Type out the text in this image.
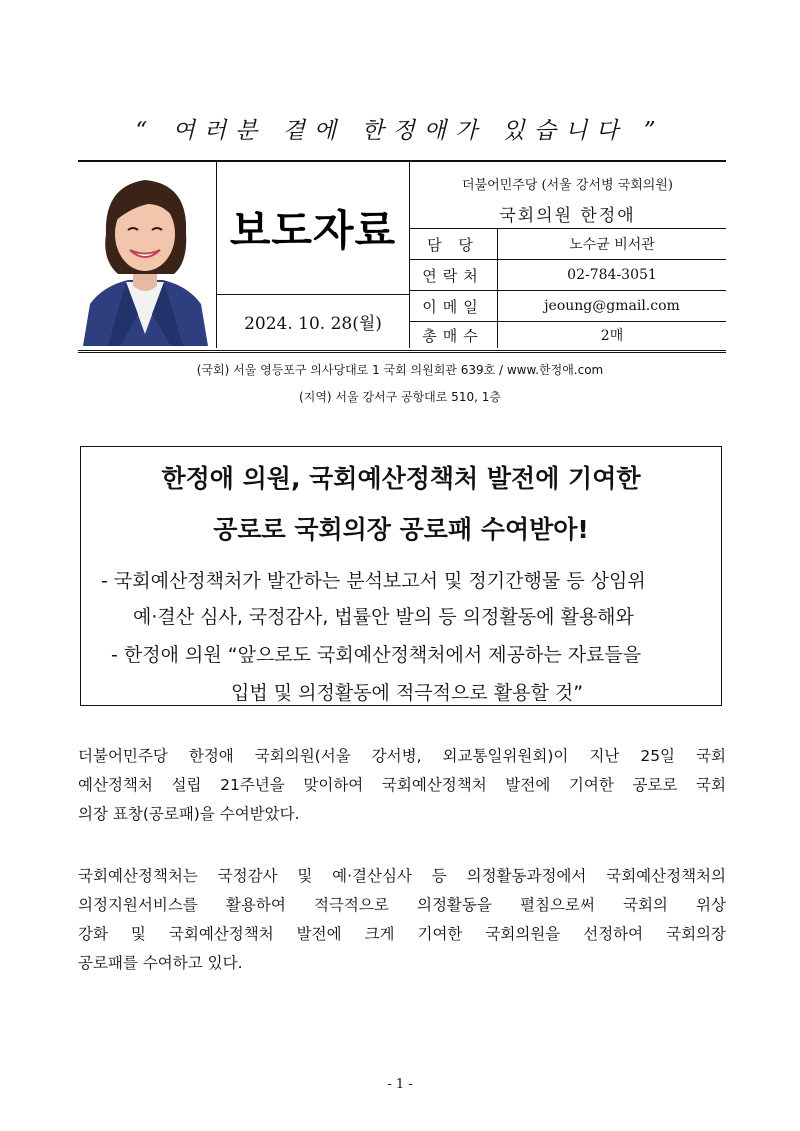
“ 여러분 곁에 한정애가 있습니다 ”
보도자료
2024. 10. 28(월)
더불어민주당 (서울 강서병 국회의원)
국회의원 한정애
담 당	노수균 비서관
연락처	02-784-3051
이메일	jeoung@gmail.com
총매수	2매
(국회) 서울 영등포구 의사당대로 1 국회 의원회관 639호 / www.한정애.com
(지역) 서울 강서구 공항대로 510, 1층
한정애 의원, 국회예산정책처 발전에 기여한
공로로 국회의장 공로패 수여받아!
- 국회예산정책처가 발간하는 분석보고서 및 정기간행물 등 상임위
예·결산 심사, 국정감사, 법률안 발의 등 의정활동에 활용해와
- 한정애 의원 “앞으로도 국회예산정책처에서 제공하는 자료들을
입법 및 의정활동에 적극적으로 활용할 것”
더불어민주당 한정애 국회의원(서울 강서병, 외교통일위원회)이 지난 25일 국회
예산정책처 설립 21주년을 맞이하여 국회예산정책처 발전에 기여한 공로로 국회
의장 표창(공로패)을 수여받았다.
국회예산정책처는 국정감사 및 예·결산심사 등 의정활동과정에서 국회예산정책처의
의정지원서비스를 활용하여 적극적으로 의정활동을 펼침으로써 국회의 위상
강화 및 국회예산정책처 발전에 크게 기여한 국회의원을 선정하여 국회의장
공로패를 수여하고 있다.
- 1 -
